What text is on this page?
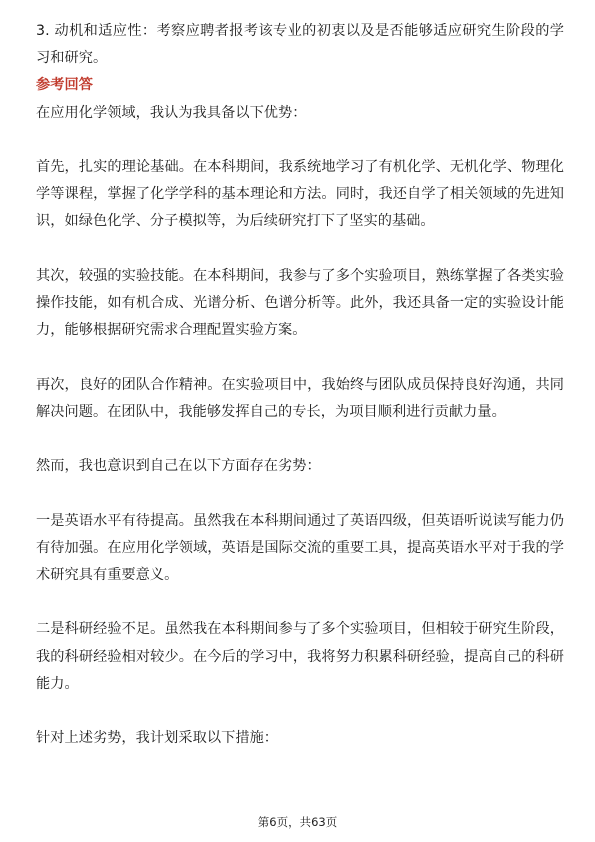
3. 动机和适应性：考察应聘者报考该专业的初衷以及是否能够适应研究生阶段的学习和研究。

参考回答

在应用化学领域，我认为我具备以下优势：

首先，扎实的理论基础。在本科期间，我系统地学习了有机化学、无机化学、物理化学等课程，掌握了化学学科的基本理论和方法。同时，我还自学了相关领域的先进知识，如绿色化学、分子模拟等，为后续研究打下了坚实的基础。

其次，较强的实验技能。在本科期间，我参与了多个实验项目，熟练掌握了各类实验操作技能，如有机合成、光谱分析、色谱分析等。此外，我还具备一定的实验设计能力，能够根据研究需求合理配置实验方案。

再次，良好的团队合作精神。在实验项目中，我始终与团队成员保持良好沟通，共同解决问题。在团队中，我能够发挥自己的专长，为项目顺利进行贡献力量。

然而，我也意识到自己在以下方面存在劣势：

一是英语水平有待提高。虽然我在本科期间通过了英语四级，但英语听说读写能力仍有待加强。在应用化学领域，英语是国际交流的重要工具，提高英语水平对于我的学术研究具有重要意义。

二是科研经验不足。虽然我在本科期间参与了多个实验项目，但相较于研究生阶段，我的科研经验相对较少。在今后的学习中，我将努力积累科研经验，提高自己的科研能力。

针对上述劣势，我计划采取以下措施：

第6页，共63页
